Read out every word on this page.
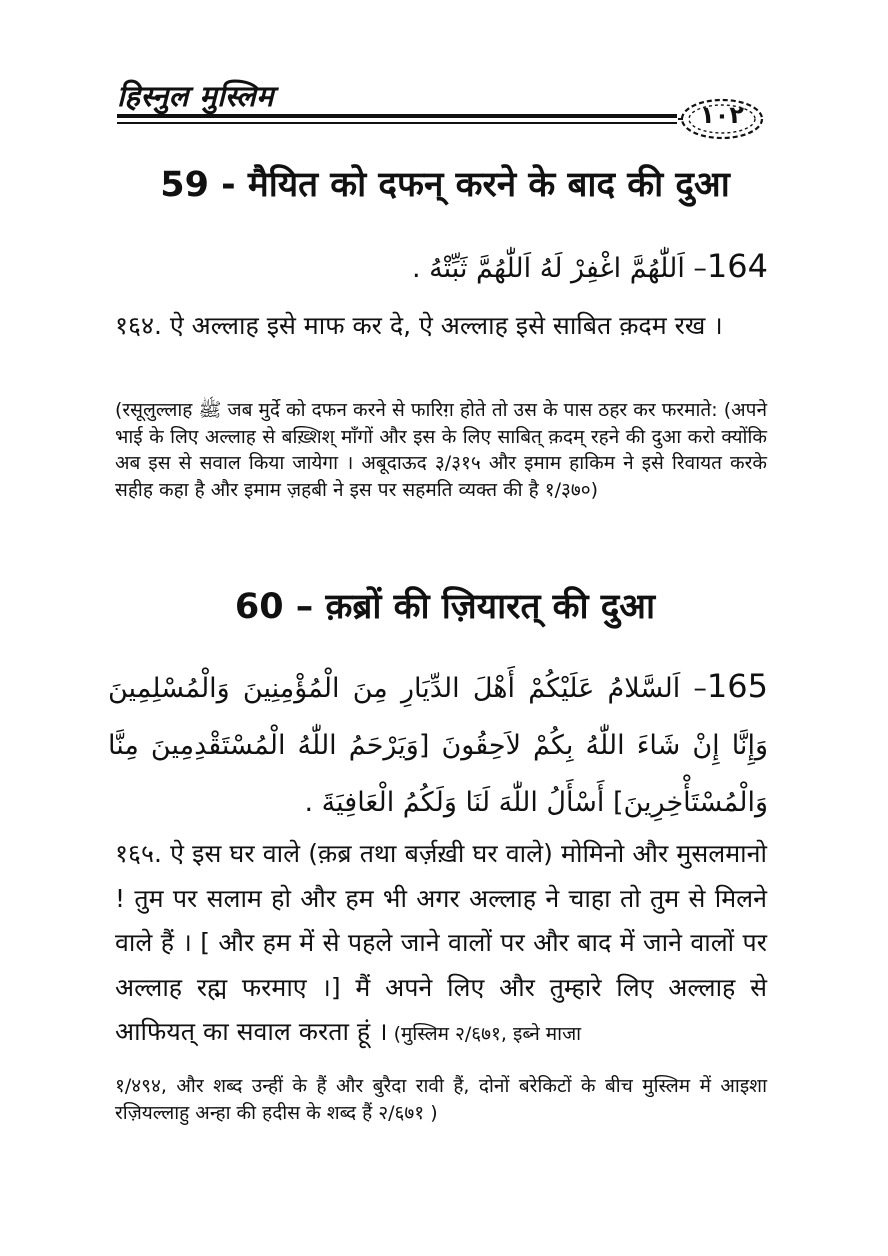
हिस्नुल मुस्लिम
١٠٢
59 - मैयित को दफन् करने के बाद की दुआ
164– اَللّٰهُمَّ اغْفِرْ لَهُ اَللّٰهُمَّ ثَبِّتْهُ .
१६४. ऐ अल्लाह इसे माफ कर दे, ऐ अल्लाह इसे साबित क़दम रख ।
(रसूलुल्लाह ﷺ जब मुर्दे को दफन करने से फारिग़ होते तो उस के पास ठहर कर फरमाते: (अपने भाई के लिए अल्लाह से बख़्शिश् माँगों और इस के लिए साबित् क़दम् रहने की दुआ करो क्योंकि अब इस से सवाल किया जायेगा । अबूदाऊद ३/३१५ और इमाम हाकिम ने इसे रिवायत करके सहीह कहा है और इमाम ज़हबी ने इस पर सहमति व्यक्त की है १/३७०)
60 – क़ब्रों की ज़ियारत् की दुआ
165– اَلسَّلامُ عَلَيْكُمْ أَهْلَ الدِّيَارِ مِنَ الْمُؤْمِنِينَ وَالْمُسْلِمِينَ وَإِنَّا إِنْ شَاءَ اللّٰهُ بِكُمْ لاَحِقُونَ [وَيَرْحَمُ اللّٰهُ الْمُسْتَقْدِمِينَ مِنَّا وَالْمُسْتَأْخِرِينَ] أَسْأَلُ اللّٰهَ لَنَا وَلَكُمُ الْعَافِيَةَ .
१६५. ऐ इस घर वाले (क़ब्र तथा बर्ज़ख़ी घर वाले) मोमिनो और मुसलमानो ! तुम पर सलाम हो और हम भी अगर अल्लाह ने चाहा तो तुम से मिलने वाले हैं । [ और हम में से पहले जाने वालों पर और बाद में जाने वालों पर अल्लाह रह्म फरमाए ।] मैं अपने लिए और तुम्हारे लिए अल्लाह से आफियत् का सवाल करता हूं । (मुस्लिम २/६७१, इब्ने माजा
१/४९४, और शब्द उन्हीं के हैं और बुरैदा रावी हैं, दोनों बरेकिटों के बीच मुस्लिम में आइशा रज़ियल्लाहु अन्हा की हदीस के शब्द हैं २/६७१ )
